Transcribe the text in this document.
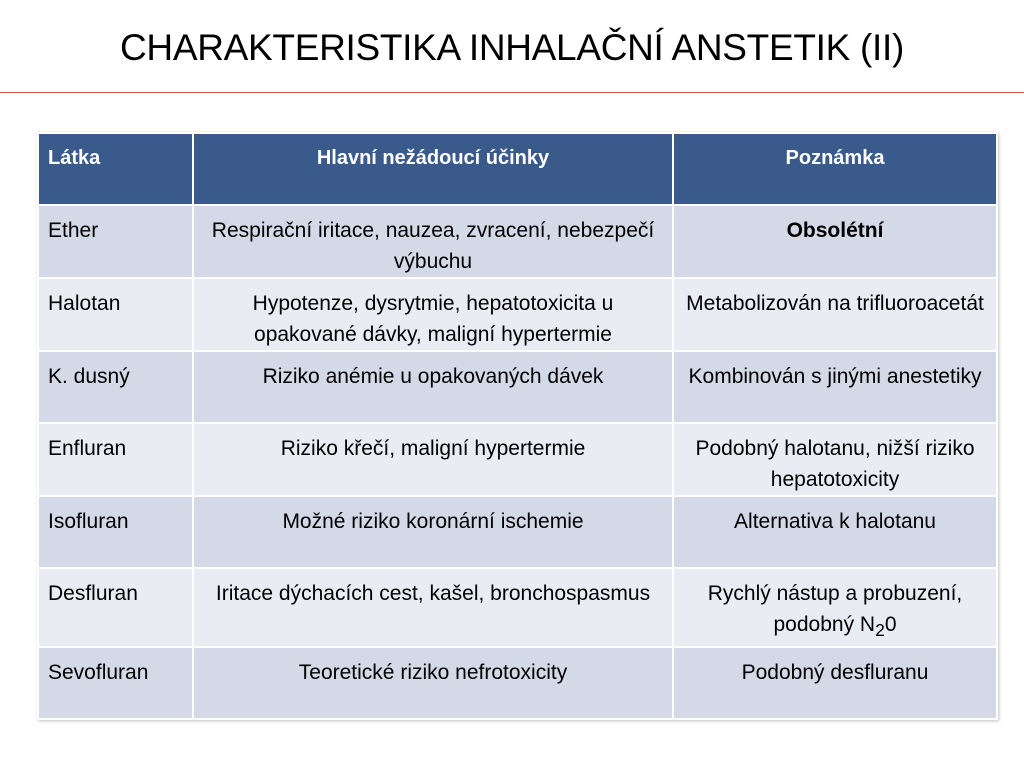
CHARAKTERISTIKA INHALAČNÍ ANSTETIK (II)
Látka	Hlavní nežádoucí účinky	Poznámka
Ether	Respirační iritace, nauzea, zvracení, nebezpečí výbuchu	Obsolétní
Halotan	Hypotenze, dysrytmie, hepatotoxicita u opakované dávky, maligní hypertermie	Metabolizován na trifluoroacetát
K. dusný	Riziko anémie u opakovaných dávek	Kombinován s jinými anestetiky
Enfluran	Riziko křečí, maligní hypertermie	Podobný halotanu, nižší riziko hepatotoxicity
Isofluran	Možné riziko koronární ischemie	Alternativa k halotanu
Desfluran	Iritace dýchacích cest, kašel, bronchospasmus	Rychlý nástup a probuzení, podobný $N_20$
Sevofluran	Teoretické riziko nefrotoxicity	Podobný desfluranu
